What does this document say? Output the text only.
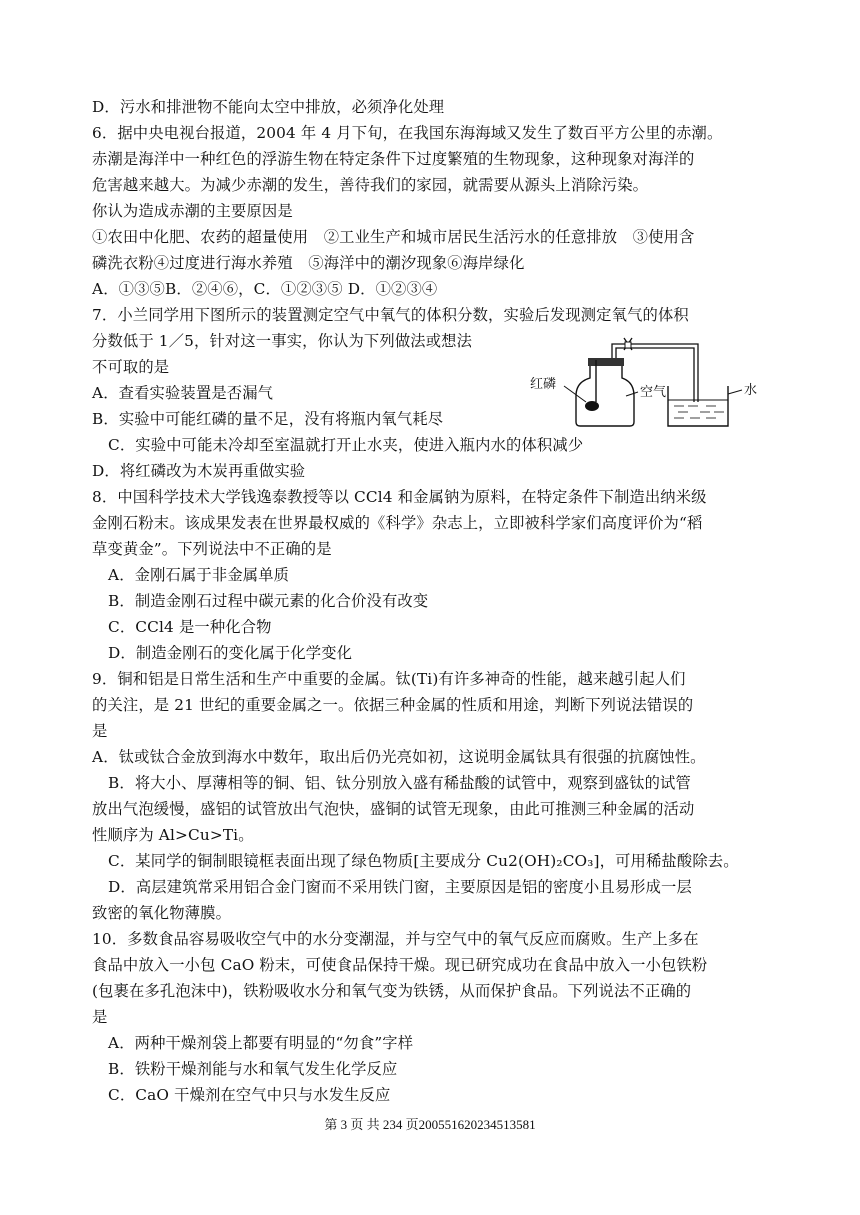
D．污水和排泄物不能向太空中排放，必须净化处理
6．据中央电视台报道，2004 年 4 月下旬，在我国东海海域又发生了数百平方公里的赤潮。
赤潮是海洋中一种红色的浮游生物在特定条件下过度繁殖的生物现象，这种现象对海洋的
危害越来越大。为减少赤潮的发生，善待我们的家园，就需要从源头上消除污染。
你认为造成赤潮的主要原因是
①农田中化肥、农药的超量使用　②工业生产和城市居民生活污水的任意排放　③使用含
磷洗衣粉④过度进行海水养殖　⑤海洋中的潮汐现象⑥海岸绿化
A．①③⑤B．②④⑥，C．①②③⑤ D．①②③④
7．小兰同学用下图所示的装置测定空气中氧气的体积分数，实验后发现测定氧气的体积
分数低于 1／5，针对这一事实，你认为下列做法或想法
不可取的是
A．查看实验装置是否漏气
B．实验中可能红磷的量不足，没有将瓶内氧气耗尽
C．实验中可能未冷却至室温就打开止水夹，使进入瓶内水的体积减少
D．将红磷改为木炭再重做实验
红磷
空气	水
8．中国科学技术大学钱逸泰教授等以 CCl4 和金属钠为原料，在特定条件下制造出纳米级
金刚石粉末。该成果发表在世界最权威的《科学》杂志上，立即被科学家们高度评价为“稻
草变黄金”。下列说法中不正确的是
A．金刚石属于非金属单质
B．制造金刚石过程中碳元素的化合价没有改变
C．CCl4 是一种化合物
D．制造金刚石的变化属于化学变化
9．铜和铝是日常生活和生产中重要的金属。钛(Ti)有许多神奇的性能，越来越引起人们
的关注，是 21 世纪的重要金属之一。依据三种金属的性质和用途，判断下列说法错误的
是
A．钛或钛合金放到海水中数年，取出后仍光亮如初，这说明金属钛具有很强的抗腐蚀性。
B．将大小、厚薄相等的铜、铝、钛分别放入盛有稀盐酸的试管中，观察到盛钛的试管
放出气泡缓慢，盛铝的试管放出气泡快，盛铜的试管无现象，由此可推测三种金属的活动
性顺序为 Al>Cu>Ti。
C．某同学的铜制眼镜框表面出现了绿色物质[主要成分 Cu2(OH)₂CO₃]，可用稀盐酸除去。
D．高层建筑常采用铝合金门窗而不采用铁门窗，主要原因是铝的密度小且易形成一层
致密的氧化物薄膜。
10．多数食品容易吸收空气中的水分变潮湿，并与空气中的氧气反应而腐败。生产上多在
食品中放入一小包 CaO 粉末，可使食品保持干燥。现已研究成功在食品中放入一小包铁粉
(包裹在多孔泡沫中)，铁粉吸收水分和氧气变为铁锈，从而保护食品。下列说法不正确的
是
A．两种干燥剂袋上都要有明显的“勿食”字样
B．铁粉干燥剂能与水和氧气发生化学反应
C．CaO 干燥剂在空气中只与水发生反应
第 3 页 共 234 页20055162023451358​1
